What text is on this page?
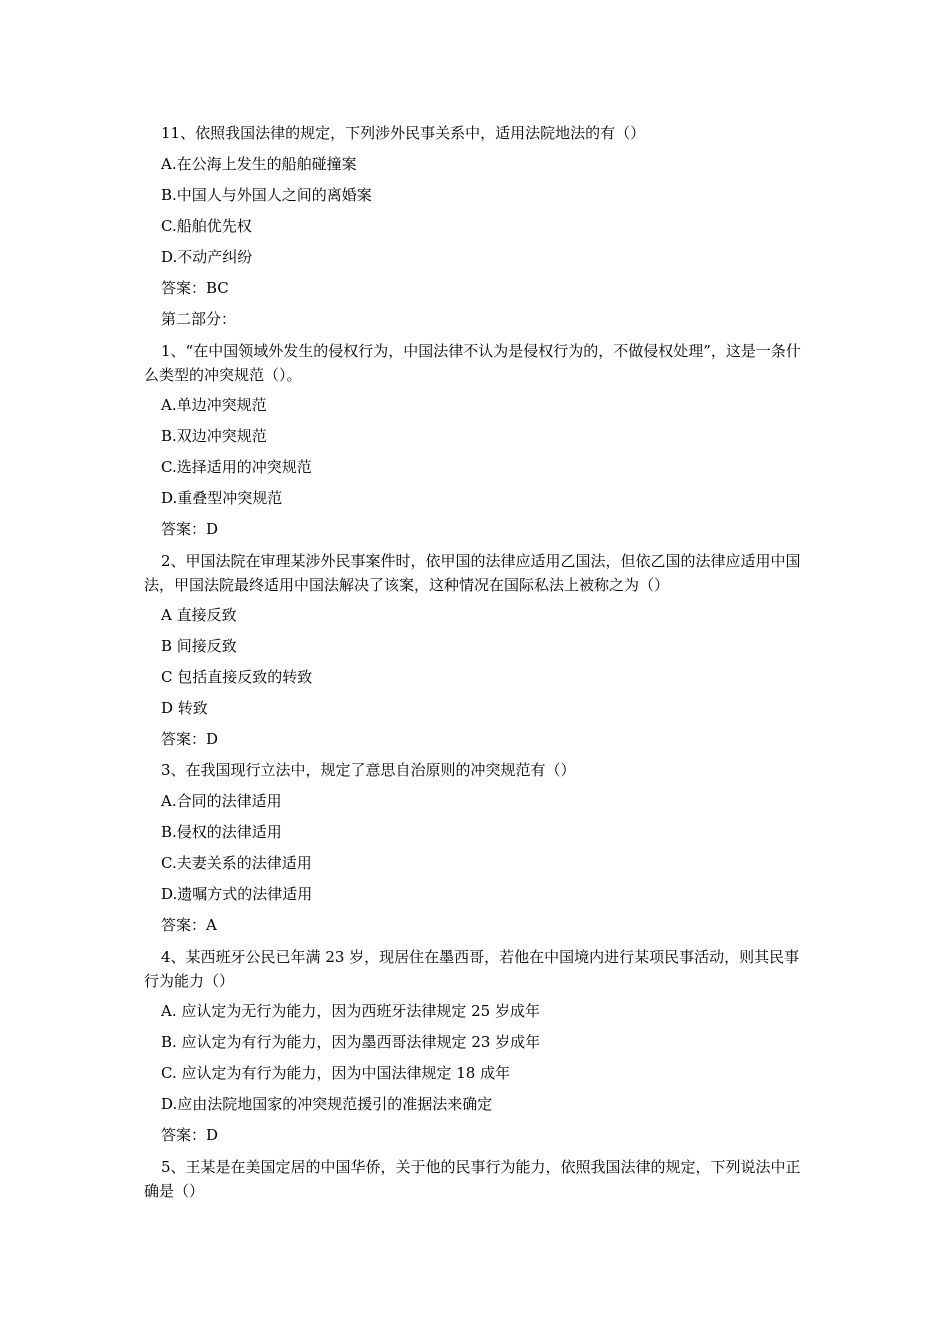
11、依照我国法律的规定，下列涉外民事关系中，适用法院地法的有（）

A.在公海上发生的船舶碰撞案

B.中国人与外国人之间的离婚案

C.船舶优先权

D.不动产纠纷

答案：BC

第二部分：

1、“在中国领域外发生的侵权行为，中国法律不认为是侵权行为的，不做侵权处理”，这是一条什么类型的冲突规范（）。

A.单边冲突规范

B.双边冲突规范

C.选择适用的冲突规范

D.重叠型冲突规范

答案：D

2、甲国法院在审理某涉外民事案件时，依甲国的法律应适用乙国法，但依乙国的法律应适用中国法，甲国法院最终适用中国法解决了该案，这种情况在国际私法上被称之为（）

A 直接反致

B 间接反致

C 包括直接反致的转致

D 转致

答案：D

3、在我国现行立法中，规定了意思自治原则的冲突规范有（）

A.合同的法律适用

B.侵权的法律适用

C.夫妻关系的法律适用

D.遗嘱方式的法律适用

答案：A

4、某西班牙公民已年满 23 岁，现居住在墨西哥，若他在中国境内进行某项民事活动，则其民事行为能力（）

A. 应认定为无行为能力，因为西班牙法律规定 25 岁成年

B. 应认定为有行为能力，因为墨西哥法律规定 23 岁成年

C. 应认定为有行为能力，因为中国法律规定 18 成年

D.应由法院地国家的冲突规范援引的准据法来确定

答案：D

5、王某是在美国定居的中国华侨，关于他的民事行为能力，依照我国法律的规定，下列说法中正确是（）
